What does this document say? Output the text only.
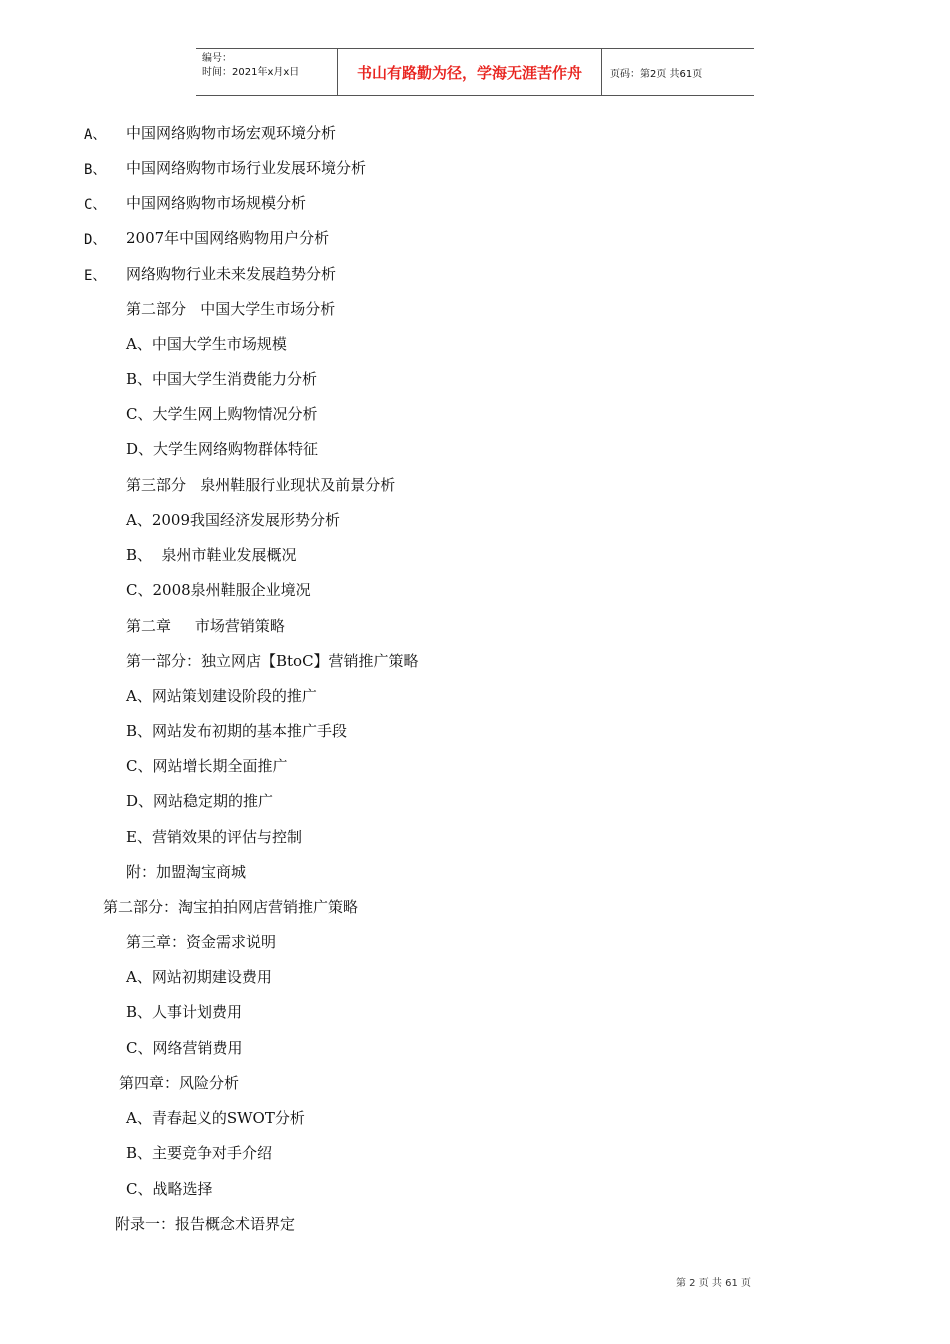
编号：
时间：2021年x月x日	书山有路勤为径，学海无涯苦作舟	页码：第2页 共61页
A、 中国网络购物市场宏观环境分析
B、 中国网络购物市场行业发展环境分析
C、 中国网络购物市场规模分析
D、 2007年中国网络购物用户分析
E、 网络购物行业未来发展趋势分析
第二部分   中国大学生市场分析
A、中国大学生市场规模
B、中国大学生消费能力分析
C、大学生网上购物情况分析
D、大学生网络购物群体特征
第三部分   泉州鞋服行业现状及前景分析
A、2009我国经济发展形势分析
B、  泉州市鞋业发展概况
C、2008泉州鞋服企业境况
第二章     市场营销策略
第一部分：独立网店【BtoC】营销推广策略
A、网站策划建设阶段的推广
B、网站发布初期的基本推广手段
C、网站增长期全面推广
D、网站稳定期的推广
E、营销效果的评估与控制
附：加盟淘宝商城
第二部分：淘宝拍拍网店营销推广策略
第三章：资金需求说明
A、网站初期建设费用
B、人事计划费用
C、网络营销费用
第四章：风险分析
A、青春起义的SWOT分析
B、主要竞争对手介绍
C、战略选择
附录一：报告概念术语界定
第 2 页 共 61 页
